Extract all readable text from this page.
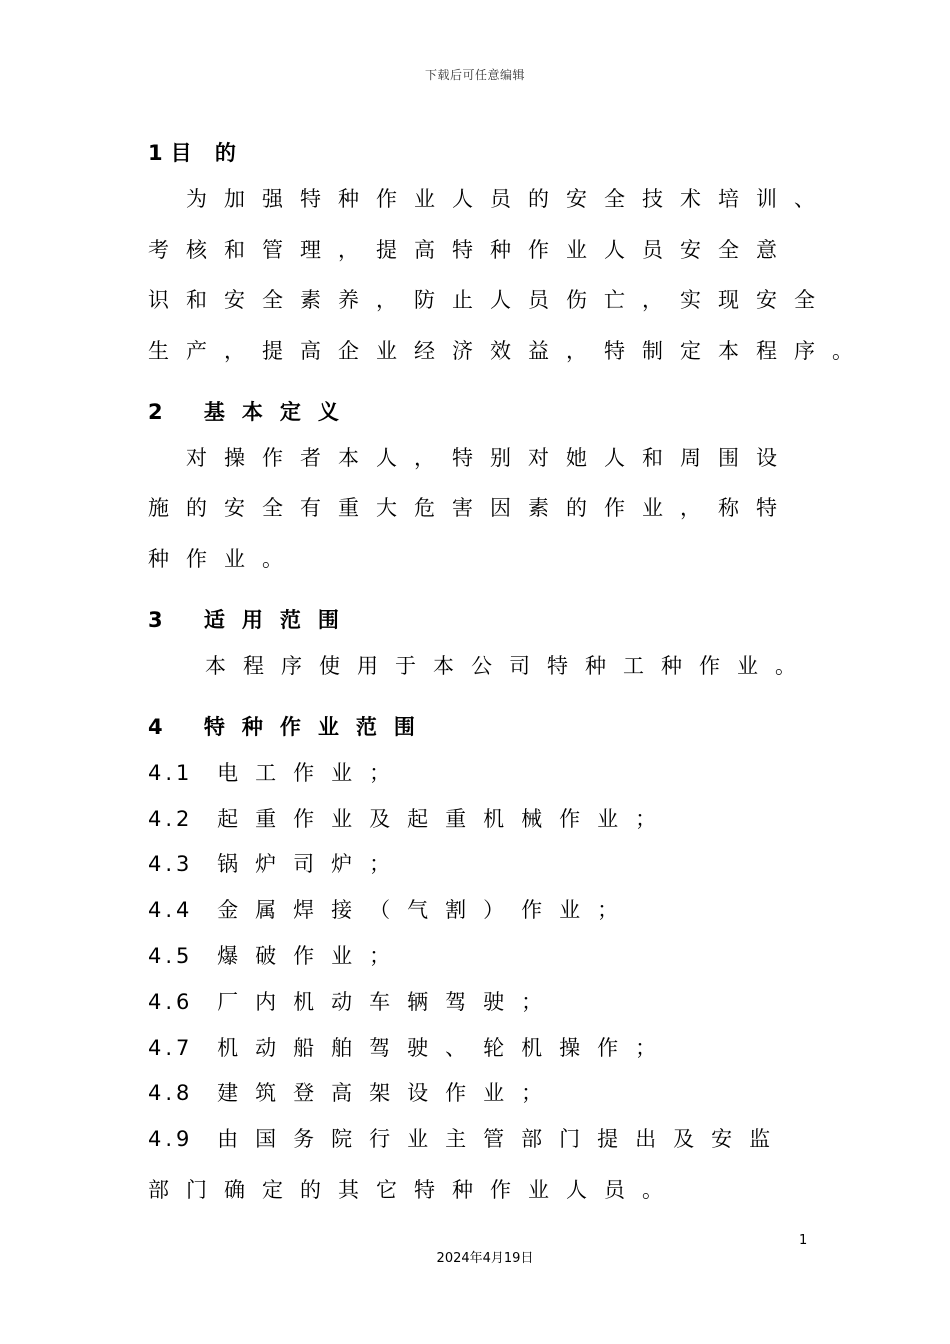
下载后可任意编辑
1目 的
为加强特种作业人员的安全技术培训、
考核和管理，提高特种作业人员安全意
识和安全素养，防止人员伤亡，实现安全
生产，提高企业经济效益，特制定本程序。
2 基本定义
对操作者本人，特别对她人和周围设
施的安全有重大危害因素的作业，称特
种作业。
3 适用范围
本程序使用于本公司特种工种作业。
4 特种作业范围
4.1 电工作业；
4.2 起重作业及起重机械作业；
4.3 锅炉司炉；
4.4 金属焊接（气割）作业；
4.5 爆破作业；
4.6 厂内机动车辆驾驶；
4.7 机动船舶驾驶、轮机操作；
4.8 建筑登高架设作业；
4.9 由国务院行业主管部门提出及安监
部门确定的其它特种作业人员。
1
2024年4月19日
